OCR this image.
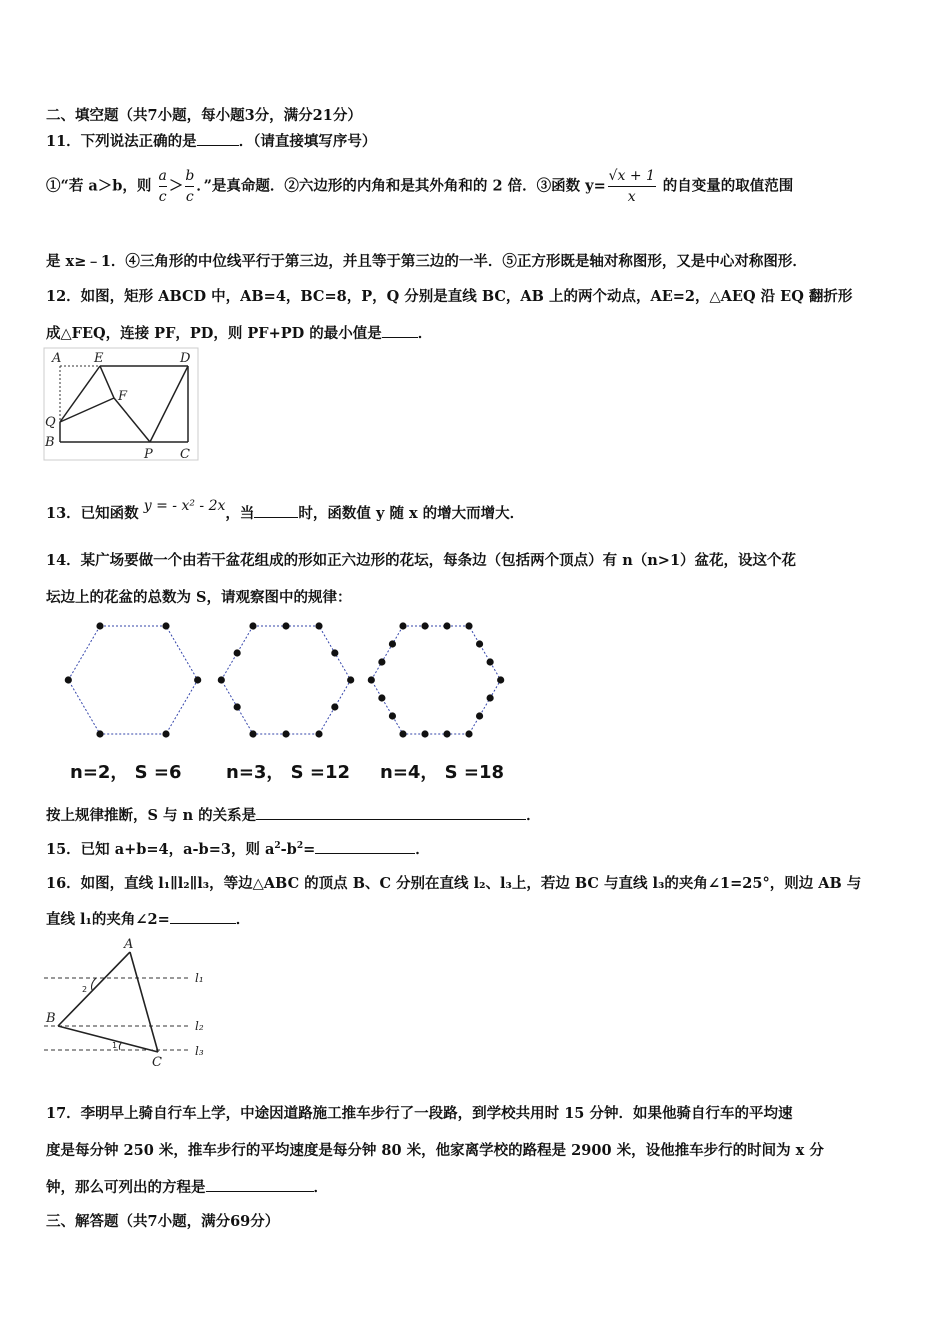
二、填空题（共7小题，每小题3分，满分21分）
11．下列说法正确的是	．（请直接填写序号）
①“若 a＞b，则 $\frac{a}{c} > \frac{b}{c}$ ．”是真命题．②六边形的内角和是其外角和的 2 倍．③函数 $y= \frac{√x + 1}{x}$ 的自变量的取值范围
是 x≥﹣1．④三角形的中位线平行于第三边，并且等于第三边的一半．⑤正方形既是轴对称图形，又是中心对称图形．
12．如图，矩形 ABCD 中，AB=4，BC=8，P，Q 分别是直线 BC，AB 上的两个动点，AE=2，△AEQ 沿 EQ 翻折形
成△FEQ，连接 PF，PD，则 PF+PD 的最小值是 ．
A	E	D
F
Q
B
P C
13．已知函数 y = - x² - 2x，当	时，函数值 y 随 x 的增大而增大．
14．某广场要做一个由若干盆花组成的形如正六边形的花坛，每条边（包括两个顶点）有 n（n>1）盆花，设这个花
坛边上的花盆的总数为 S，请观察图中的规律：
n=2， S =6 n=3， S =12 n=4， S =18
按上规律推断，S 与 n 的关系是	．
15．已知 a+b=4，a-b=3，则 $a^2-b^2=$	．
16．如图，直线 l₁∥l₂∥l₃，等边△ABC 的顶点 B、C 分别在直线 l₂、l₃上，若边 BC 与直线 l₃的夹角∠1=25°，则边 AB 与
直线 l₁的夹角∠2=	．
A
B
C
l₁
l₂
l₃
2
1
17．李明早上骑自行车上学，中途因道路施工推车步行了一段路，到学校共用时 15 分钟．如果他骑自行车的平均速
度是每分钟 250 米，推车步行的平均速度是每分钟 80 米，他家离学校的路程是 2900 米，设他推车步行的时间为 x 分
钟，那么可列出的方程是	．
三、解答题（共7小题，满分69分）
